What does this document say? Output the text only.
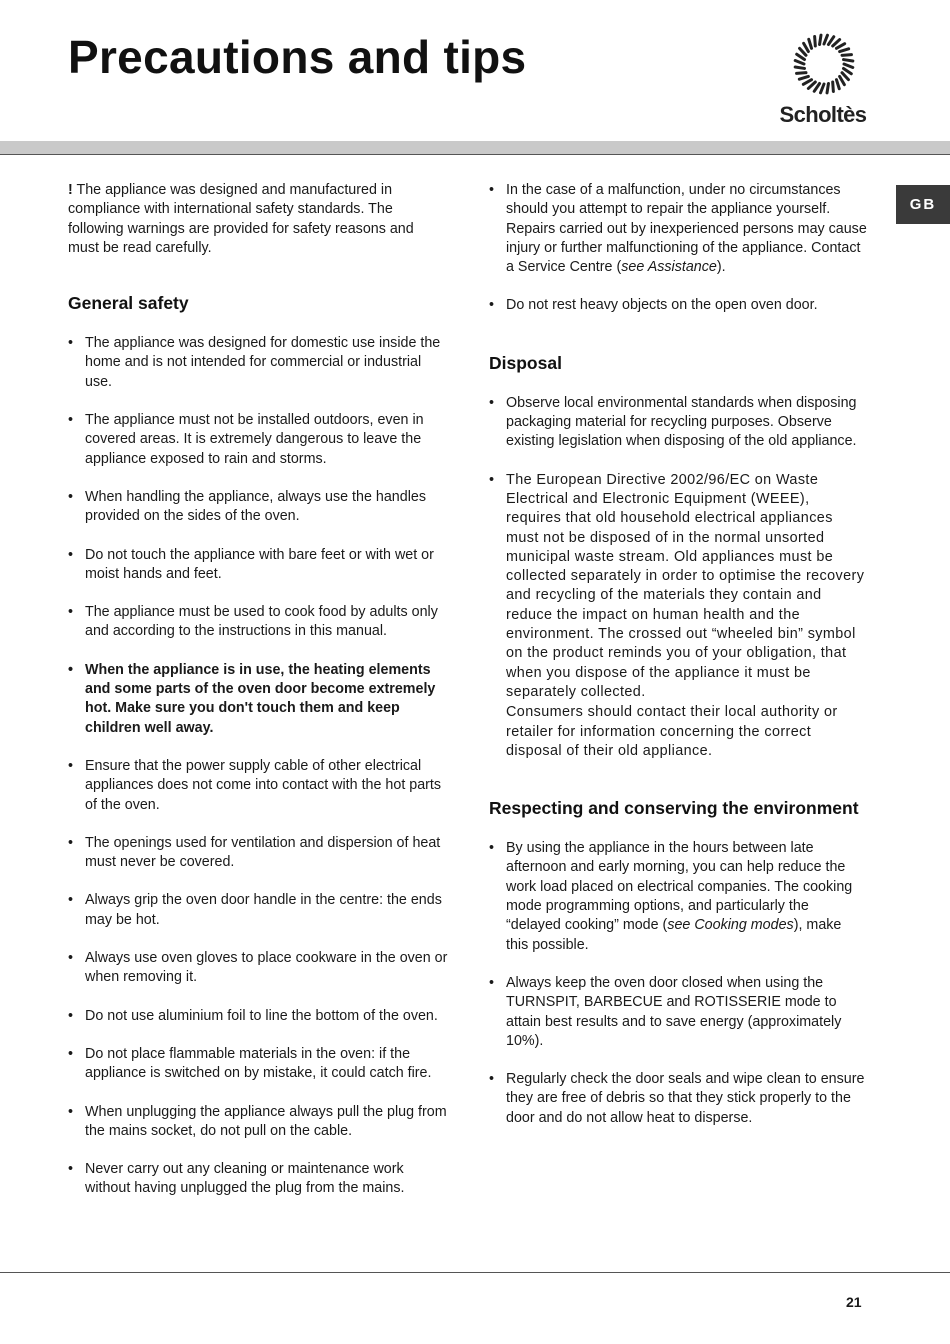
Precautions and tips
Scholtès
GB

! The appliance was designed and manufactured in compliance with international safety standards. The following warnings are provided for safety reasons and must be read carefully.

General safety
• The appliance was designed for domestic use inside the home and is not intended for commercial or industrial use.
• The appliance must not be installed outdoors, even in covered areas. It is extremely dangerous to leave the appliance exposed to rain and storms.
• When handling the appliance, always use the handles provided on the sides of the oven.
• Do not touch the appliance with bare feet or with wet or moist hands and feet.
• The appliance must be used to cook food by adults only and according to the instructions in this manual.
• When the appliance is in use, the heating elements and some parts of the oven door become extremely hot. Make sure you don't touch them and keep children well away.
• Ensure that the power supply cable of other electrical appliances does not come into contact with the hot parts of the oven.
• The openings used for ventilation and dispersion of heat must never be covered.
• Always grip the oven door handle in the centre: the ends may be hot.
• Always use oven gloves to place cookware in the oven or when removing it.
• Do not use aluminium foil to line the bottom of the oven.
• Do not place flammable materials in the oven: if the appliance is switched on by mistake, it could catch fire.
• When unplugging the appliance always pull the plug from the mains socket, do not pull on the cable.
• Never carry out any cleaning or maintenance work without having unplugged the plug from the mains.
• In the case of a malfunction, under no circumstances should you attempt to repair the appliance yourself. Repairs carried out by inexperienced persons may cause injury or further malfunctioning of the appliance. Contact a Service Centre (see Assistance).
• Do not rest heavy objects on the open oven door.
Disposal
• Observe local environmental standards when disposing packaging material for recycling purposes. Observe existing legislation when disposing of the old appliance.
• The European Directive 2002/96/EC on Waste Electrical and Electronic Equipment (WEEE), requires that old household electrical appliances must not be disposed of in the normal unsorted municipal waste stream. Old appliances must be collected separately in order to optimise the recovery and recycling of the materials they contain and reduce the impact on human health and the environment. The crossed out “wheeled bin” symbol on the product reminds you of your obligation, that when you dispose of the appliance it must be separately collected.
Consumers should contact their local authority or retailer for information concerning the correct disposal of their old appliance.
Respecting and conserving the environment
• By using the appliance in the hours between late afternoon and early morning, you can help reduce the work load placed on electrical companies. The cooking mode programming options, and particularly the “delayed cooking” mode (see Cooking modes), make this possible.
• Always keep the oven door closed when using the TURNSPIT, BARBECUE and ROTISSERIE mode to attain best results and to save energy (approximately 10%).
• Regularly check the door seals and wipe clean to ensure they are free of debris so that they stick properly to the door and do not allow heat to disperse.
21
